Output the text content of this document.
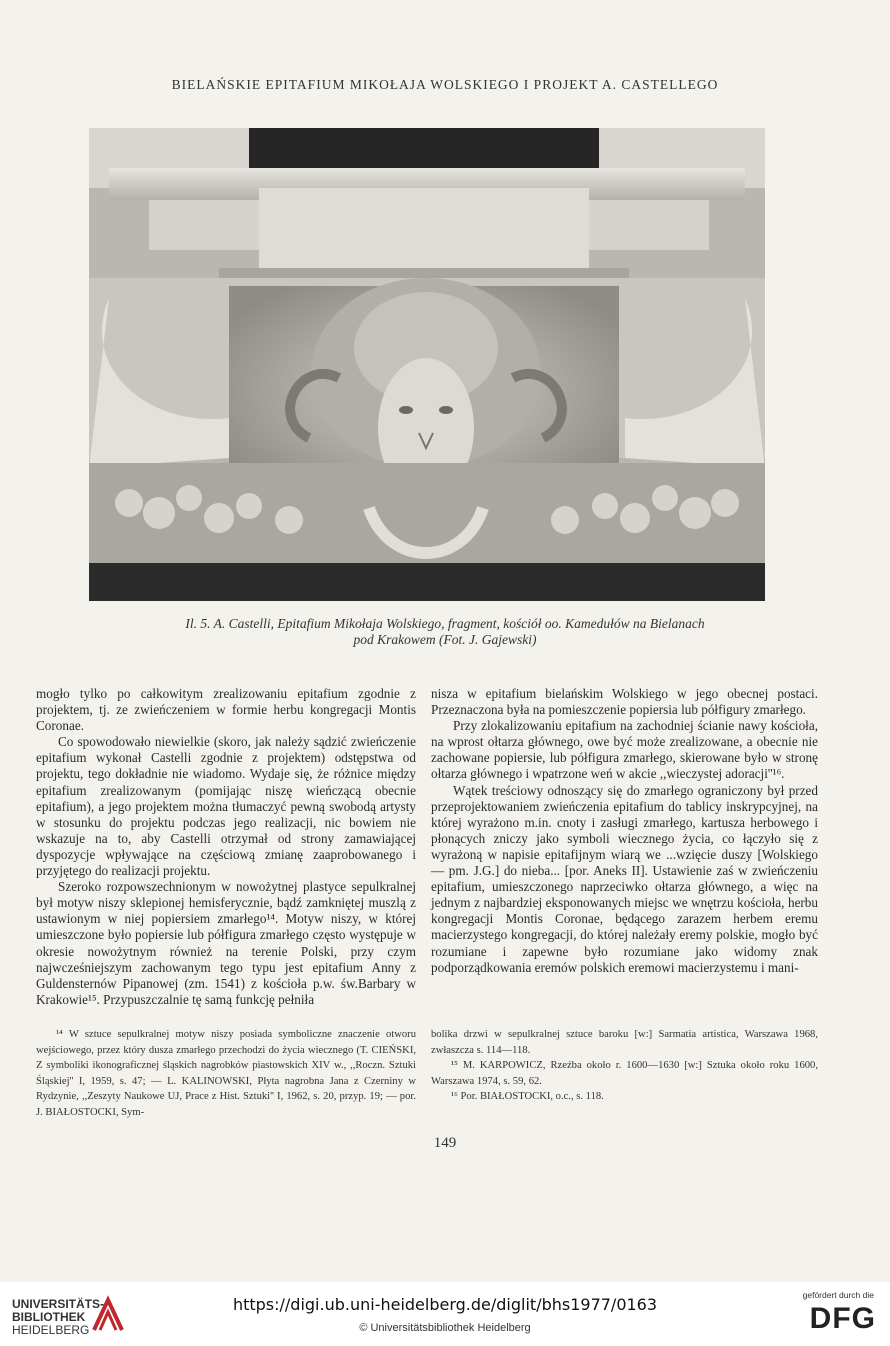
BIELAŃSKIE EPITAFIUM MIKOŁAJA WOLSKIEGO I PROJEKT A. CASTELLEGO
Il. 5. A. Castelli, Epitafium Mikołaja Wolskiego, fragment, kościół oo. Kamedułów na Bielanach
pod Krakowem (Fot. J. Gajewski)

mogło tylko po całkowitym zrealizowaniu epitafium zgodnie z projektem, tj. ze zwieńczeniem w formie herbu kongregacji Montis Coronae.

Co spowodowało niewielkie (skoro, jak należy sądzić zwieńczenie epitafium wykonał Castelli zgodnie z projektem) odstępstwa od projektu, tego dokładnie nie wiadomo. Wydaje się, że różnice między epitafium zrealizowanym (pomijając niszę wieńczącą obecnie epitafium), a jego projektem można tłumaczyć pewną swobodą artysty w stosunku do projektu podczas jego realizacji, nic bowiem nie wskazuje na to, aby Castelli otrzymał od strony zamawiającej dyspozycje wpływające na częściową zmianę zaaprobowanego i przyjętego do realizacji projektu.

Szeroko rozpowszechnionym w nowożytnej plastyce sepulkralnej był motyw niszy sklepionej hemisferycznie, bądź zamkniętej muszlą z ustawionym w niej popiersiem zmarłego¹⁴. Motyw niszy, w której umieszczone było popiersie lub półfigura zmarłego często występuje w okresie nowożytnym również na terenie Polski, przy czym najwcześniejszym zachowanym tego typu jest epitafium Anny z Guldensternów Pipanowej (zm. 1541) z kościoła p.w. św.Barbary w Krakowie¹⁵. Przypuszczalnie tę samą funkcję pełniła

nisza w epitafium bielańskim Wolskiego w jego obecnej postaci. Przeznaczona była na pomieszczenie popiersia lub półfigury zmarłego.

Przy zlokalizowaniu epitafium na zachodniej ścianie nawy kościoła, na wprost ołtarza głównego, owe być może zrealizowane, a obecnie nie zachowane popiersie, lub półfigura zmarłego, skierowane było w stronę ołtarza głównego i wpatrzone weń w akcie ,,wieczystej adoracji''¹⁶.

Wątek treściowy odnoszący się do zmarłego ograniczony był przed przeprojektowaniem zwieńczenia epitafium do tablicy inskrypcyjnej, na której wyrażono m.in. cnoty i zasługi zmarłego, kartusza herbowego i płonących zniczy jako symboli wiecznego życia, co łączyło się z wyrażoną w napisie epitafijnym wiarą we ...wzięcie duszy [Wolskiego — pm. J.G.] do nieba... [por. Aneks II]. Ustawienie zaś w zwieńczeniu epitafium, umieszczonego naprzeciwko ołtarza głównego, a więc na jednym z najbardziej eksponowanych miejsc we wnętrzu kościoła, herbu kongregacji Montis Coronae, będącego zarazem herbem eremu macierzystego kongregacji, do której należały eremy polskie, mogło być rozumiane i zapewne było rozumiane jako widomy znak podporządkowania eremów polskich eremowi macierzystemu i mani-

¹⁴ W sztuce sepulkralnej motyw niszy posiada symboliczne znaczenie otworu wejściowego, przez który dusza zmarłego przechodzi do życia wiecznego (T. CIEŃSKI, Z symboliki ikonograficznej śląskich nagrobków piastowskich XIV w., ,,Roczn. Sztuki Śląskiej'' I, 1959, s. 47; — L. KALINOWSKI, Płyta nagrobna Jana z Czerniny w Rydzynie, ,,Zeszyty Naukowe UJ, Prace z Hist. Sztuki'' I, 1962, s. 20, przyp. 19; — por. J. BIAŁOSTOCKI, Sym-

bolika drzwi w sepulkralnej sztuce baroku [w:] Sarmatia artistica, Warszawa 1968, zwłaszcza s. 114—118.

¹⁵ M. KARPOWICZ, Rzeźba około r. 1600—1630 [w:] Sztuka około roku 1600, Warszawa 1974, s. 59, 62.

¹⁶ Por. BIAŁOSTOCKI, o.c., s. 118.

149
UNIVERSITÄTS-
BIBLIOTHEK
HEIDELBERG
https://digi.ub.uni-heidelberg.de/diglit/bhs1977/0163
© Universitätsbibliothek Heidelberg
gefördert durch die
DFG
